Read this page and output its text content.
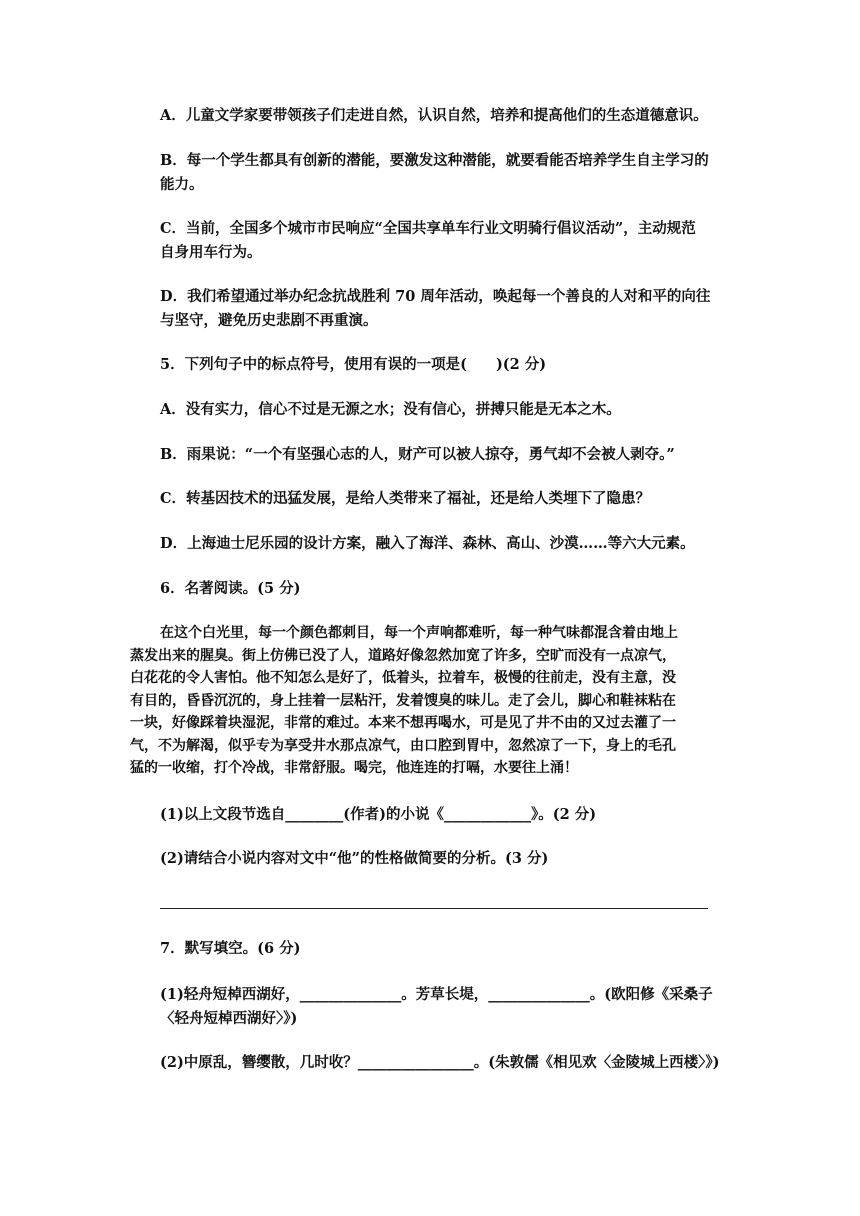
A．儿童文学家要带领孩子们走进自然，认识自然，培养和提高他们的生态道德意识。
B．每一个学生都具有创新的潜能，要激发这种潜能，就要看能否培养学生自主学习的
能力。
C．当前，全国多个城市市民响应“全国共享单车行业文明骑行倡议活动”，主动规范
自身用车行为。
D．我们希望通过举办纪念抗战胜利 70 周年活动，唤起每一个善良的人对和平的向往
与坚守，避免历史悲剧不再重演。
5．下列句子中的标点符号，使用有误的一项是(　　)(2 分)
A．没有实力，信心不过是无源之水；没有信心，拼搏只能是无本之木。
B．雨果说：“一个有坚强心志的人，财产可以被人掠夺，勇气却不会被人剥夺。”
C．转基因技术的迅猛发展，是给人类带来了福祉，还是给人类埋下了隐患？
D．上海迪士尼乐园的设计方案，融入了海洋、森林、高山、沙漠……等六大元素。
6．名著阅读。(5 分)
在这个白光里，每一个颜色都刺目，每一个声响都难听，每一种气味都混含着由地上
蒸发出来的腥臭。街上仿佛已没了人，道路好像忽然加宽了许多，空旷而没有一点凉气，
白花花的令人害怕。他不知怎么是好了，低着头，拉着车，极慢的往前走，没有主意，没
有目的，昏昏沉沉的，身上挂着一层粘汗，发着馊臭的味儿。走了会儿，脚心和鞋袜粘在
一块，好像踩着块湿泥，非常的难过。本来不想再喝水，可是见了井不由的又过去灌了一
气，不为解渴，似乎专为享受井水那点凉气，由口腔到胃中，忽然凉了一下，身上的毛孔
猛的一收缩，打个冷战，非常舒服。喝完，他连连的打嗝，水要往上涌！
(1)以上文段节选自________(作者)的小说《____________》。(2 分)
(2)请结合小说内容对文中“他”的性格做简要的分析。(3 分)
7．默写填空。(6 分)
(1)轻舟短棹西湖好，______________。芳草长堤，______________。(欧阳修《采桑子
〈轻舟短棹西湖好〉》)
(2)中原乱，簪缨散，几时收？________________。(朱敦儒《相见欢〈金陵城上西楼〉》)
